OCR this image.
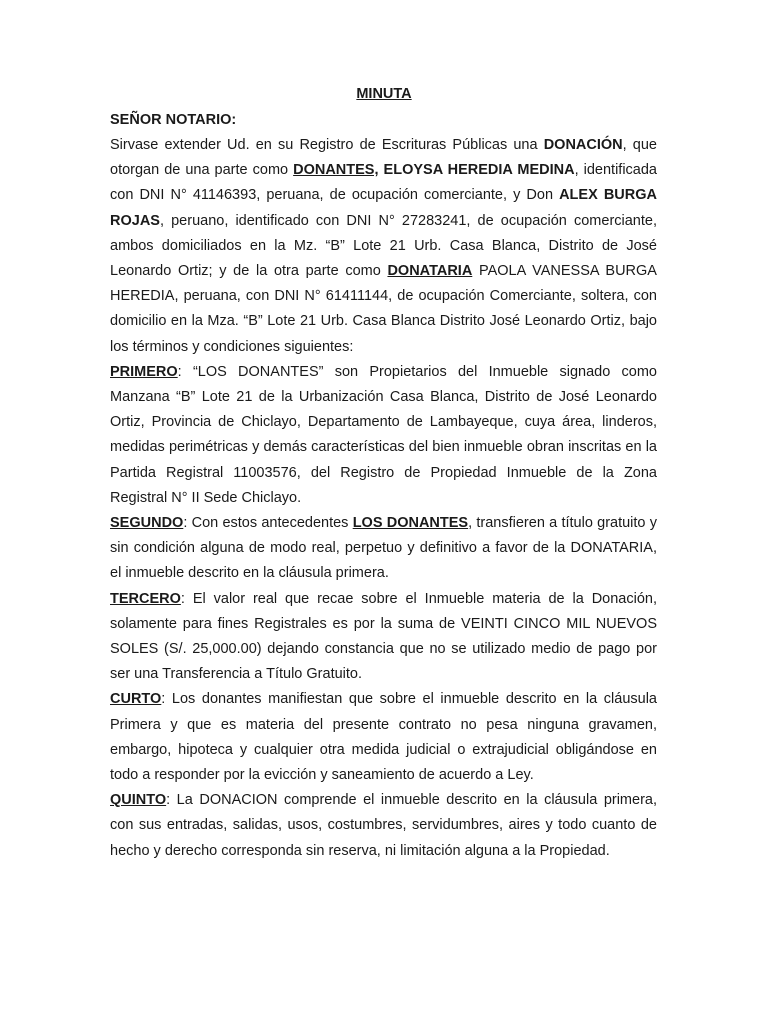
MINUTA
SEÑOR NOTARIO:

Sirvase extender Ud. en su Registro de Escrituras Públicas una DONACIÓN, que otorgan de una parte como DONANTES, ELOYSA HEREDIA MEDINA, identificada con DNI N° 41146393, peruana, de ocupación comerciante, y Don ALEX BURGA ROJAS, peruano, identificado con DNI N° 27283241, de ocupación comerciante, ambos domiciliados en la Mz. “B” Lote 21 Urb. Casa Blanca, Distrito de José Leonardo Ortiz; y de la otra parte como DONATARIA PAOLA VANESSA BURGA HEREDIA, peruana, con DNI N° 61411144, de ocupación Comerciante, soltera, con domicilio en la Mza. “B” Lote 21 Urb. Casa Blanca Distrito José Leonardo Ortiz, bajo los términos y condiciones siguientes:

PRIMERO: “LOS DONANTES” son Propietarios del Inmueble signado como Manzana “B” Lote 21 de la Urbanización Casa Blanca, Distrito de José Leonardo Ortiz, Provincia de Chiclayo, Departamento de Lambayeque, cuya área, linderos, medidas perimétricas y demás características del bien inmueble obran inscritas en la Partida Registral 11003576, del Registro de Propiedad Inmueble de la Zona Registral N° II Sede Chiclayo.

SEGUNDO: Con estos antecedentes LOS DONANTES, transfieren a título gratuito y sin condición alguna de modo real, perpetuo y definitivo a favor de la DONATARIA, el inmueble descrito en la cláusula primera.

TERCERO: El valor real que recae sobre el Inmueble materia de la Donación, solamente para fines Registrales es por la suma de VEINTI CINCO MIL NUEVOS SOLES (S/. 25,000.00) dejando constancia que no se utilizado medio de pago por ser una Transferencia a Título Gratuito.

CURTO: Los donantes manifiestan que sobre el inmueble descrito en la cláusula Primera y que es materia del presente contrato no pesa ninguna gravamen, embargo, hipoteca y cualquier otra medida judicial o extrajudicial obligándose en todo a responder por la evicción y saneamiento de acuerdo a Ley.

QUINTO: La DONACION comprende el inmueble descrito en la cláusula primera, con sus entradas, salidas, usos, costumbres, servidumbres, aires y todo cuanto de hecho y derecho corresponda sin reserva, ni limitación alguna a la Propiedad.
